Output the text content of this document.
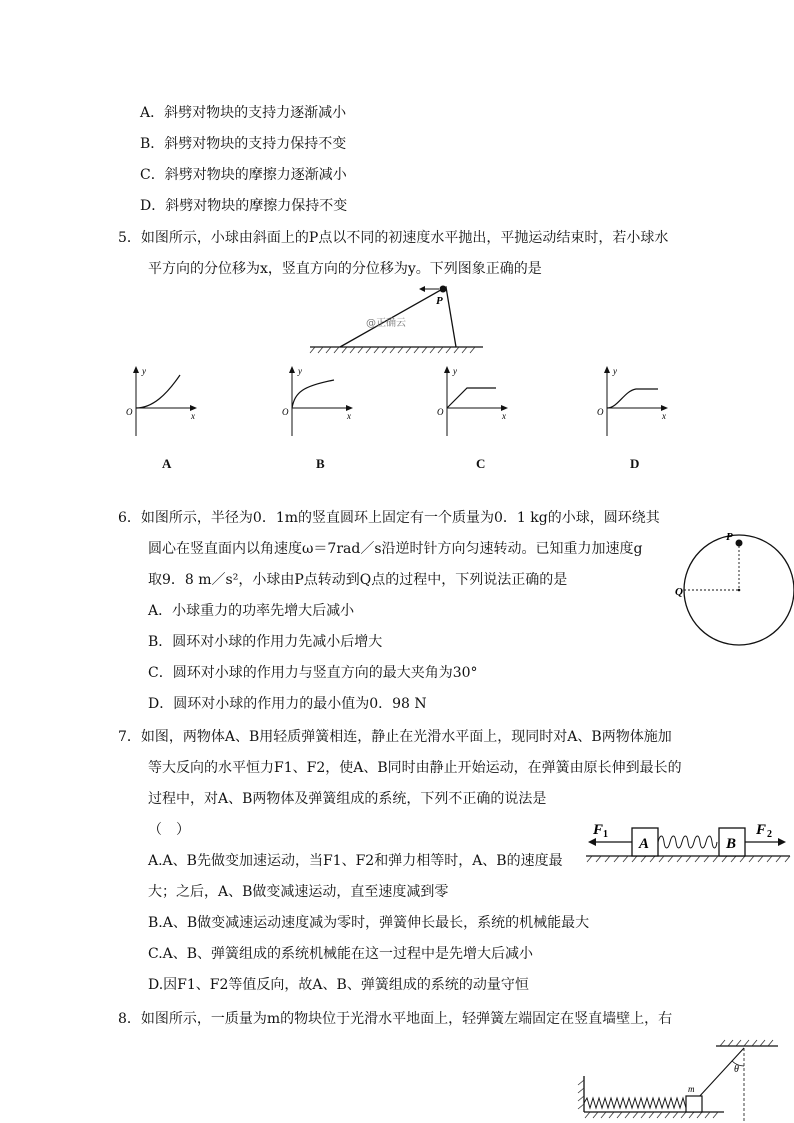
A．斜劈对物块的支持力逐渐减小
B．斜劈对物块的支持力保持不变
C．斜劈对物块的摩擦力逐渐减小
D．斜劈对物块的摩擦力保持不变
5．如图所示，小球由斜面上的P点以不同的初速度水平抛出，平抛运动结束时，若小球水
平方向的分位移为x，竖直方向的分位移为y。下列图象正确的是
P
@正确云
y
x
O
y
x
O
y
x
O
y
x
O
A	B	C	D
6．如图所示，半径为0．1m的竖直圆环上固定有一个质量为0．1 kg的小球，圆环绕其
圆心在竖直面内以角速度ω＝7rad／s沿逆时针方向匀速转动。已知重力加速度g
取9．8 m／s²，小球由P点转动到Q点的过程中，下列说法正确的是
A．小球重力的功率先增大后减小
B．圆环对小球的作用力先减小后增大
C．圆环对小球的作用力与竖直方向的最大夹角为30°
D．圆环对小球的作用力的最小值为0．98 N
P
Q
7．如图，两物体A、B用轻质弹簧相连，静止在光滑水平面上，现同时对A、B两物体施加
等大反向的水平恒力F1、F2，使A、B同时由静止开始运动，在弹簧由原长伸到最长的
过程中，对A、B两物体及弹簧组成的系统，下列不正确的说法是
（　）
A.A、B先做变加速运动，当F1、F2和弹力相等时，A、B的速度最
大；之后，A、B做变减速运动，直至速度减到零
B.A、B做变减速运动速度减为零时，弹簧伸长最长，系统的机械能最大
C.A、B、弹簧组成的系统机械能在这一过程中是先增大后减小
D.因F1、F2等值反向，故A、B、弹簧组成的系统的动量守恒
A	B
F 1	F 2
8．如图所示，一质量为m的物块位于光滑水平地面上，轻弹簧左端固定在竖直墙壁上，右
θ
m
